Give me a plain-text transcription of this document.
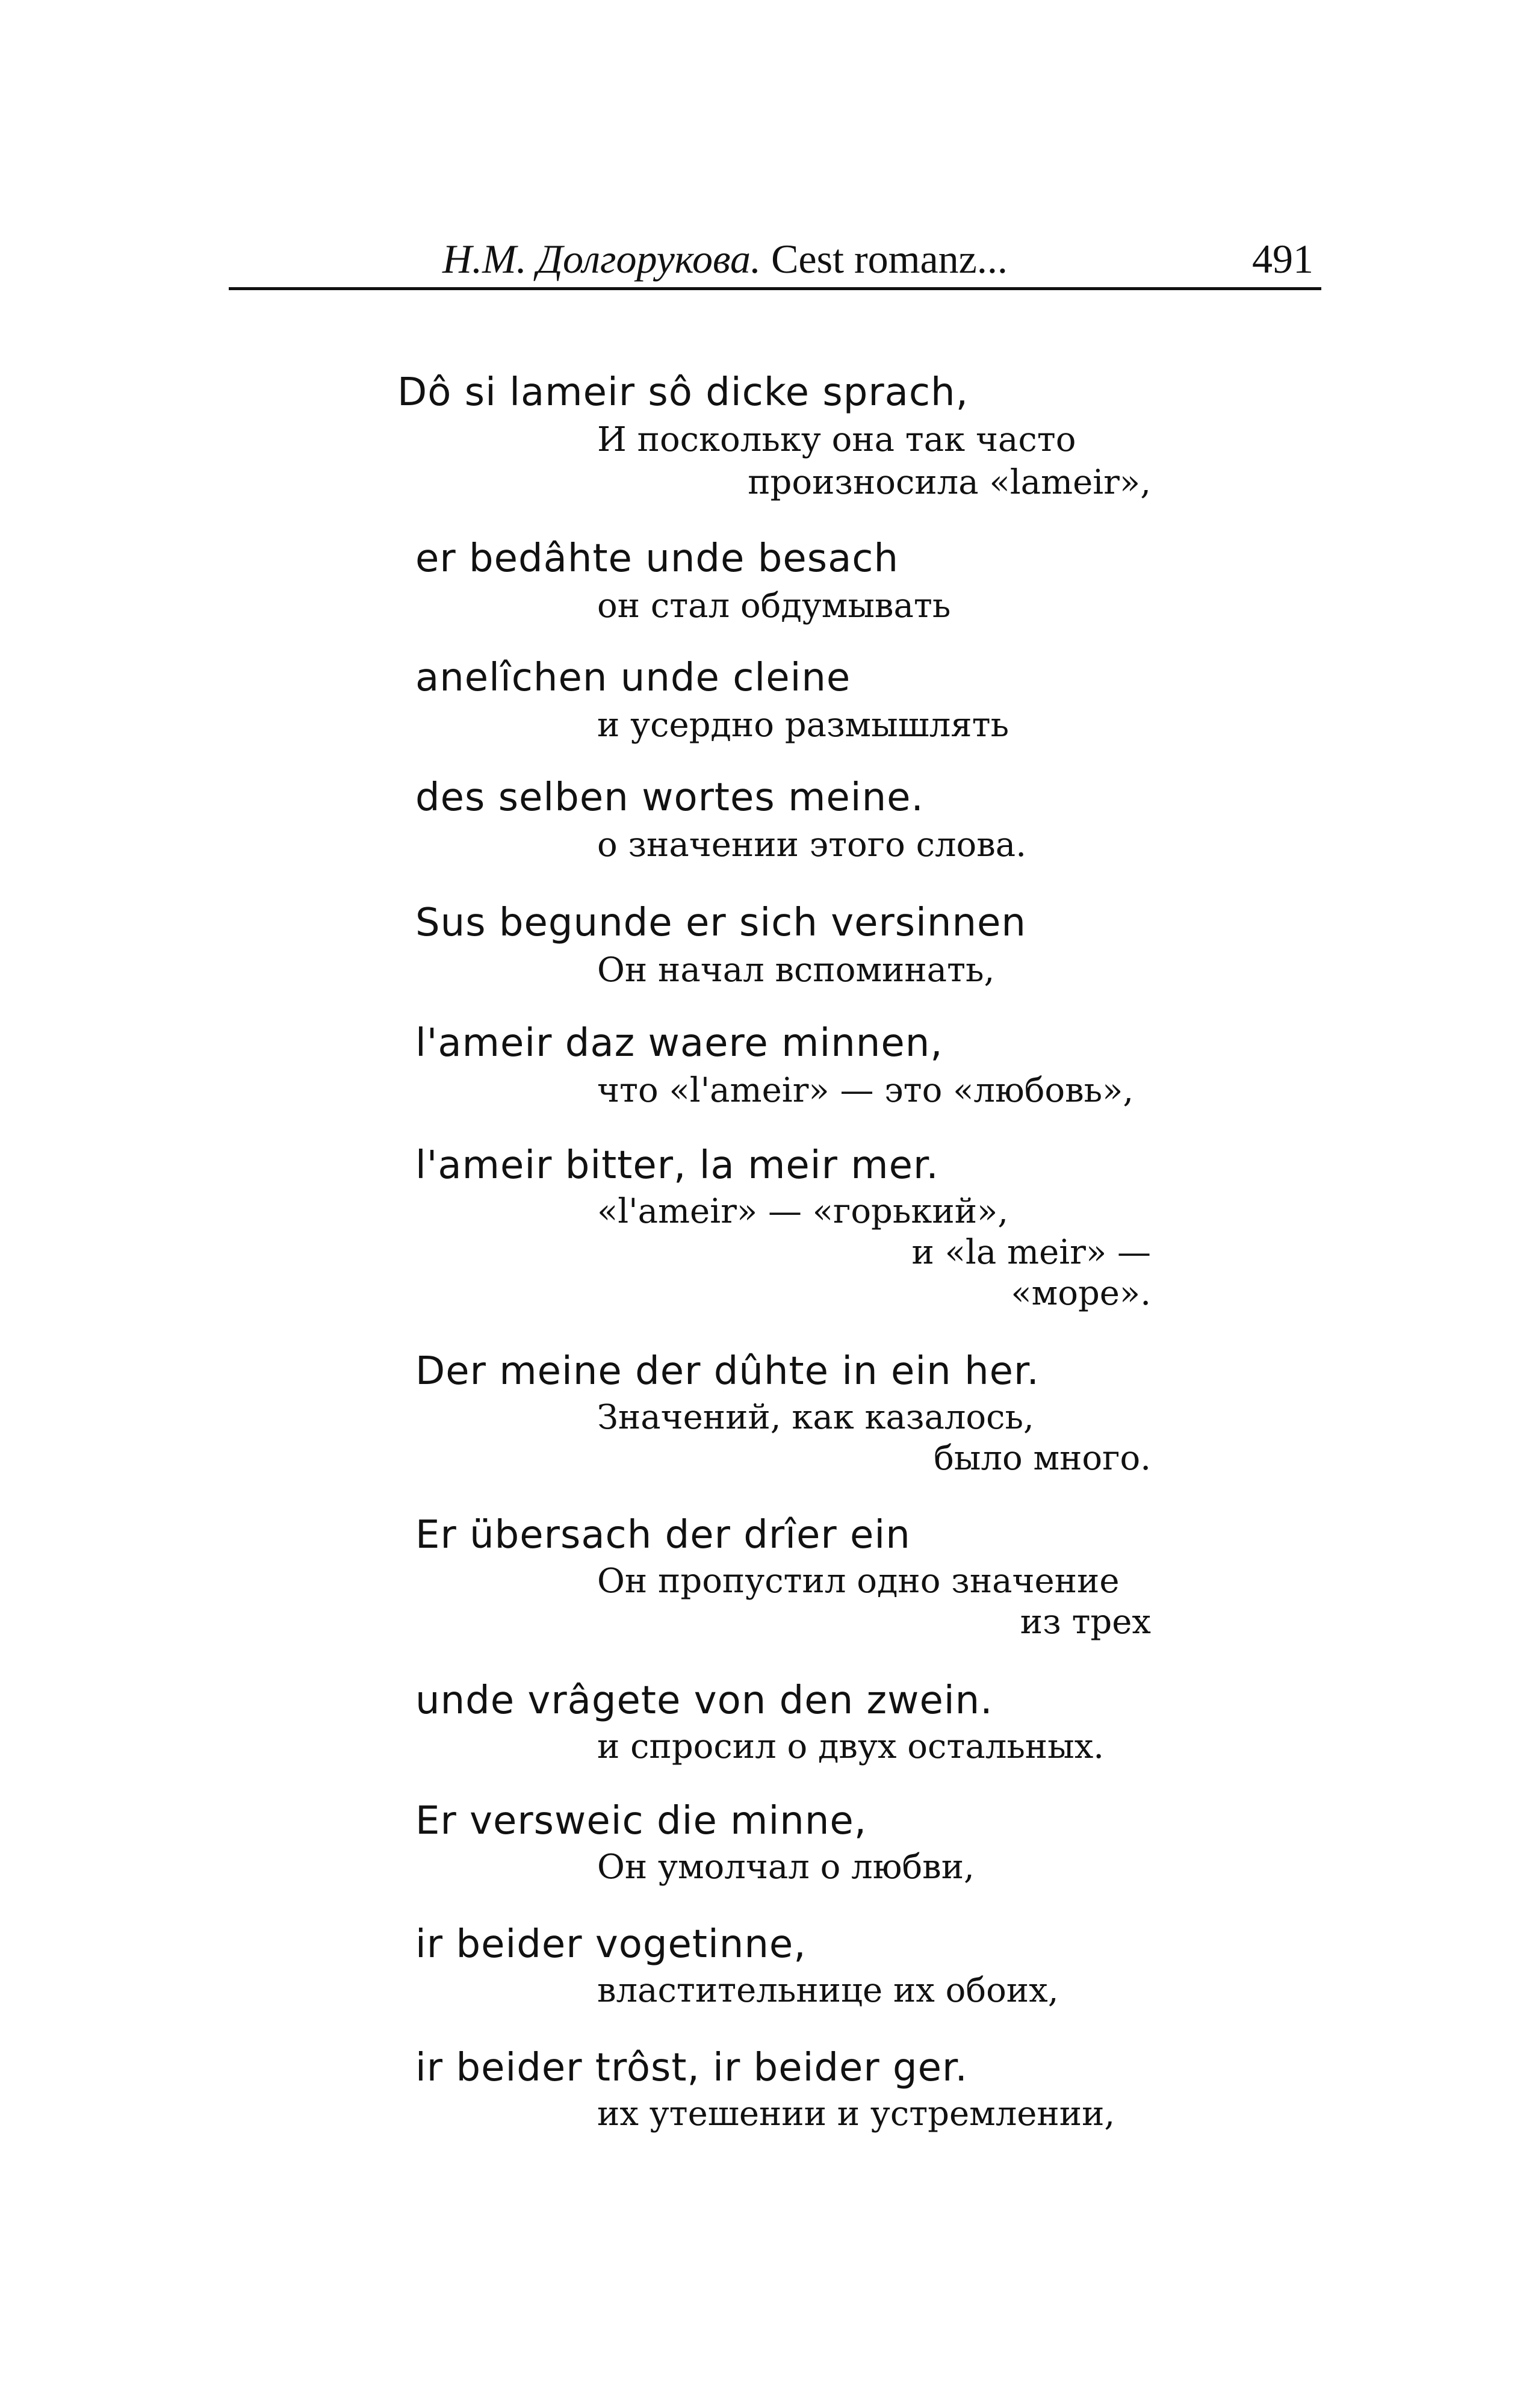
Н.М. Долгорукова. Cest romanz...	491
Dô si lameir sô dicke sprach,
И поскольку она так часто
произносила «lameir»,
er bedâhte unde besach
он стал обдумывать
anelîchen unde cleine
и усердно размышлять
des selben wortes meine.
о значении этого слова.
Sus begunde er sich versinnen
Он начал вспоминать,
l'ameir daz waere minnen,
что «l'ameir» — это «любовь»,
l'ameir bitter, la meir mer.
«l'ameir» — «горький»,
и «la meir» —
«море».
Der meine der dûhte in ein her.
Значений, как казалось,
было много.
Er übersach der drîer ein
Он пропустил одно значение
из трех
unde vrâgete von den zwein.
и спросил о двух остальных.
Er versweic die minne,
Он умолчал о любви,
ir beider vogetinne,
властительнице их обоих,
ir beider trôst, ir beider ger.
их утешении и устремлении,
